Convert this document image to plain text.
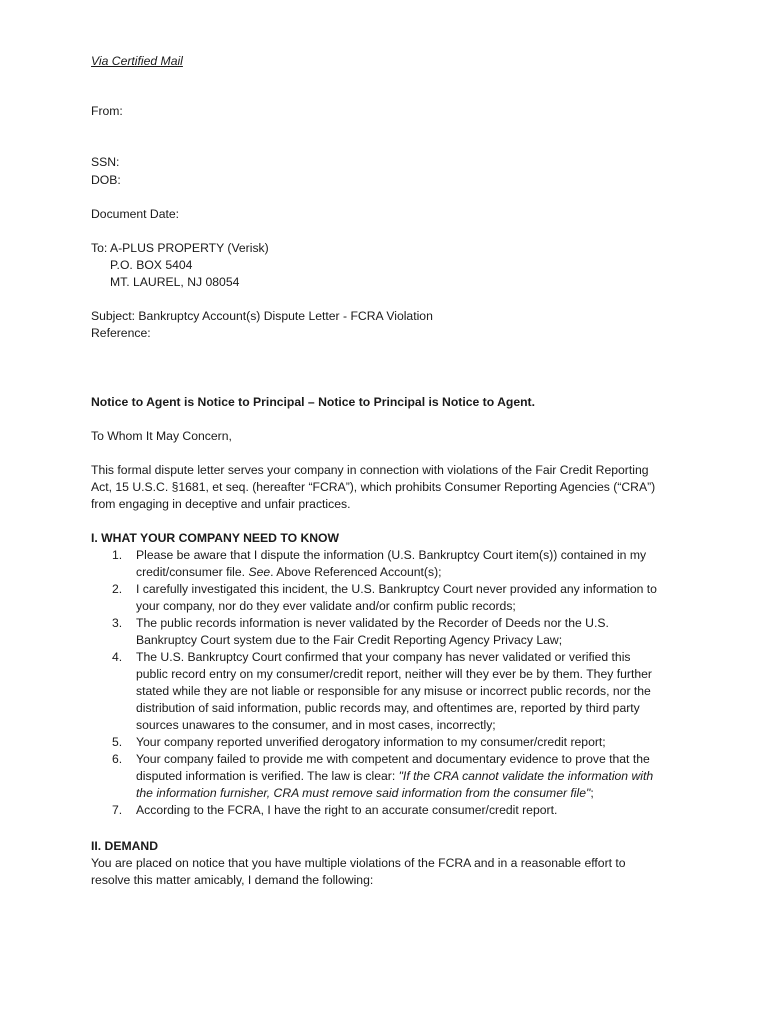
Via Certified Mail
From:
SSN:
DOB:
Document Date:
To: A-PLUS PROPERTY (Verisk)
P.O. BOX 5404
MT. LAUREL, NJ 08054
Subject: Bankruptcy Account(s) Dispute Letter - FCRA Violation
Reference:
Notice to Agent is Notice to Principal – Notice to Principal is Notice to Agent.
To Whom It May Concern,
This formal dispute letter serves your company in connection with violations of the Fair Credit Reporting
Act, 15 U.S.C. §1681, et seq. (hereafter “FCRA”), which prohibits Consumer Reporting Agencies (“CRA”)
from engaging in deceptive and unfair practices.
I. WHAT YOUR COMPANY NEED TO KNOW
1. Please be aware that I dispute the information (U.S. Bankruptcy Court item(s)) contained in my
credit/consumer file. See. Above Referenced Account(s);
2. I carefully investigated this incident, the U.S. Bankruptcy Court never provided any information to
your company, nor do they ever validate and/or confirm public records;
3. The public records information is never validated by the Recorder of Deeds nor the U.S.
Bankruptcy Court system due to the Fair Credit Reporting Agency Privacy Law;
4. The U.S. Bankruptcy Court confirmed that your company has never validated or verified this
public record entry on my consumer/credit report, neither will they ever be by them. They further
stated while they are not liable or responsible for any misuse or incorrect public records, nor the
distribution of said information, public records may, and oftentimes are, reported by third party
sources unawares to the consumer, and in most cases, incorrectly;
5. Your company reported unverified derogatory information to my consumer/credit report;
6. Your company failed to provide me with competent and documentary evidence to prove that the
disputed information is verified. The law is clear: "If the CRA cannot validate the information with
the information furnisher, CRA must remove said information from the consumer file";
7. According to the FCRA, I have the right to an accurate consumer/credit report.
II. DEMAND
You are placed on notice that you have multiple violations of the FCRA and in a reasonable effort to
resolve this matter amicably, I demand the following:
